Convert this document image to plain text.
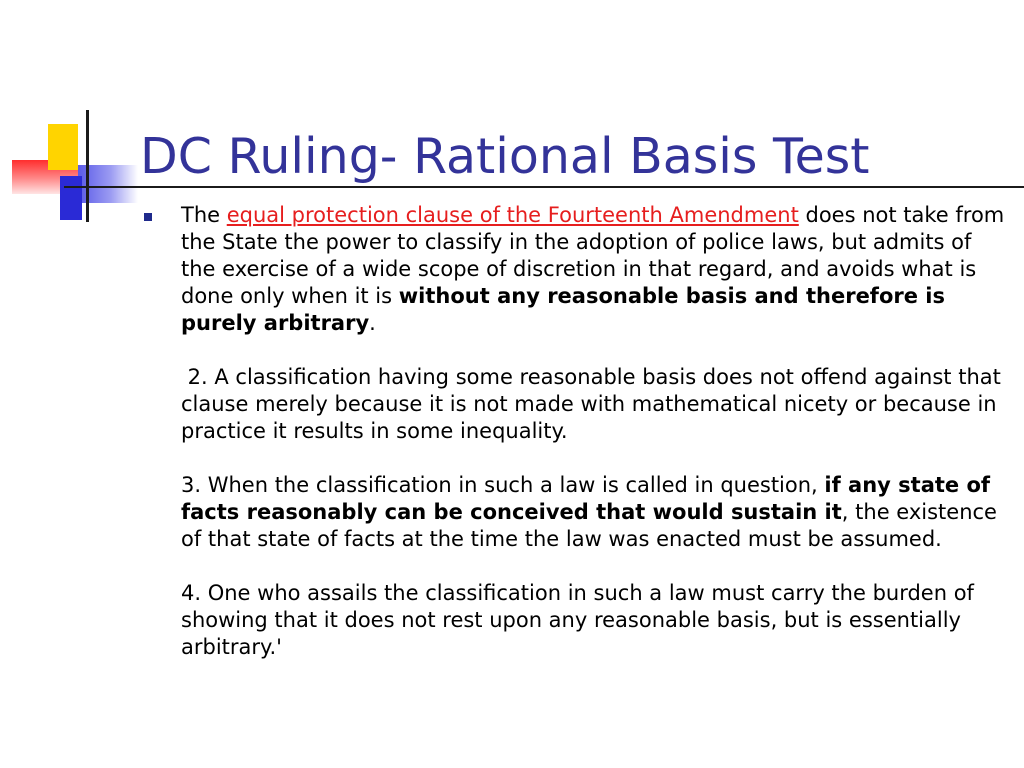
DC Ruling- Rational Basis Test

The equal protection clause of the Fourteenth Amendment does not take from the State the power to classify in the adoption of police laws, but admits of the exercise of a wide scope of discretion in that regard, and avoids what is done only when it is without any reasonable basis and therefore is purely arbitrary.

2. A classification having some reasonable basis does not offend against that clause merely because it is not made with mathematical nicety or because in practice it results in some inequality.

3. When the classification in such a law is called in question, if any state of facts reasonably can be conceived that would sustain it, the existence of that state of facts at the time the law was enacted must be assumed.

4. One who assails the classification in such a law must carry the burden of showing that it does not rest upon any reasonable basis, but is essentially arbitrary.'
